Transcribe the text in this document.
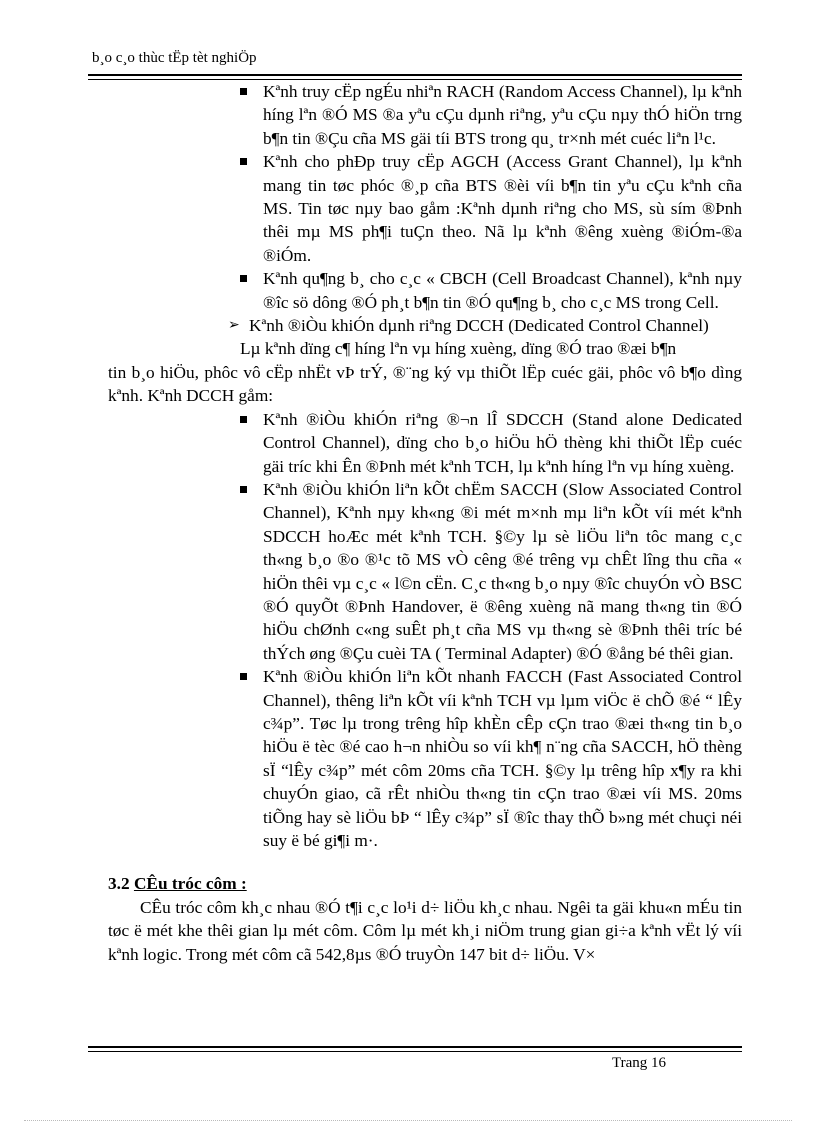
b¸o c¸o thùc tËp tèt nghiÖp

Kªnh truy cËp ngÉu nhiªn RACH (Random Access Channel), lµ kªnh híng lªn ®Ó MS ®a yªu cÇu dµnh riªng, yªu cÇu nµy thÓ hiÖn trng b¶n tin ®Çu cña MS gäi tíi BTS trong qu¸ tr×nh mét cuéc liªn l¹c.

Kªnh cho phÐp truy cËp AGCH (Access Grant Channel), lµ kªnh mang tin tøc phóc ®¸p cña BTS ®èi víi b¶n tin yªu cÇu kªnh cña MS. Tin tøc nµy bao gåm :Kªnh dµnh riªng cho MS, sù sím ®Þnh thêi mµ MS ph¶i tuÇn theo. Nã lµ kªnh ®êng xuèng ®iÓm-®a ®iÓm.

Kªnh qu¶ng b¸ cho c¸c « CBCH (Cell Broadcast Channel), kªnh nµy ®îc sö dông ®Ó ph¸t b¶n tin ®Ó qu¶ng b¸ cho c¸c MS trong Cell.

➢ Kªnh ®iÒu khiÓn dµnh riªng DCCH (Dedicated Control Channel)

Lµ kªnh dïng c¶ híng lªn vµ híng xuèng, dïng ®Ó trao ®æi b¶n

tin b¸o hiÖu, phôc vô cËp nhËt vÞ trÝ, ®¨ng ký vµ thiÕt lËp cuéc gäi, phôc vô b¶o dìng kªnh. Kªnh DCCH gåm:

Kªnh ®iÒu khiÓn riªng ®¬n lÎ SDCCH (Stand alone Dedicated Control Channel), dïng cho b¸o hiÖu hÖ thèng khi thiÕt lËp cuéc gäi tríc khi Ên ®Þnh mét kªnh TCH, lµ kªnh híng lªn vµ híng xuèng.

Kªnh ®iÒu khiÓn liªn kÕt chËm SACCH (Slow Associated Control Channel), Kªnh nµy kh«ng ®i mét m×nh mµ liªn kÕt víi mét kªnh SDCCH hoÆc mét kªnh TCH. §©y lµ sè liÖu liªn tôc mang c¸c th«ng b¸o ®o ®¹c tõ MS vÒ cêng ®é trêng vµ chÊt lîng thu cña « hiÖn thêi vµ c¸c « l©n cËn. C¸c th«ng b¸o nµy ®îc chuyÓn vÒ BSC ®Ó quyÕt ®Þnh Handover, ë ®êng xuèng nã mang th«ng tin ®Ó hiÖu chØnh c«ng suÊt ph¸t cña MS vµ th«ng sè ®Þnh thêi tríc bé thÝch øng ®Çu cuèi TA ( Terminal Adapter) ®Ó ®ång bé thêi gian.

Kªnh ®iÒu khiÓn liªn kÕt nhanh FACCH (Fast Associated Control Channel), thêng liªn kÕt víi kªnh TCH vµ lµm viÖc ë chÕ ®é “ lÊy c¾p”. Tøc lµ trong trêng hîp khÈn cÊp cÇn trao ®æi th«ng tin b¸o hiÖu ë tèc ®é cao h¬n nhiÒu so víi kh¶ n¨ng cña SACCH, hÖ thèng sÏ “lÊy c¾p” mét côm 20ms cña TCH. §©y lµ trêng hîp x¶y ra khi chuyÓn giao, cã rÊt nhiÒu th«ng tin cÇn trao ®æi víi MS. 20ms tiÕng hay sè liÖu bÞ “ lÊy c¾p” sÏ ®îc thay thÕ b»ng mét chuçi néi suy ë bé gi¶i m·.

3.2 CÊu tróc côm :

CÊu tróc côm kh¸c nhau ®Ó t¶i c¸c lo¹i d÷ liÖu kh¸c nhau. Ngêi ta gäi khu«n mÉu tin tøc ë mét khe thêi gian lµ mét côm. Côm lµ mét kh¸i niÖm trung gian gi÷a kªnh vËt lý víi kªnh logic. Trong mét côm cã 542,8µs ®Ó truyÒn 147 bit d÷ liÖu. V×

Trang 16
